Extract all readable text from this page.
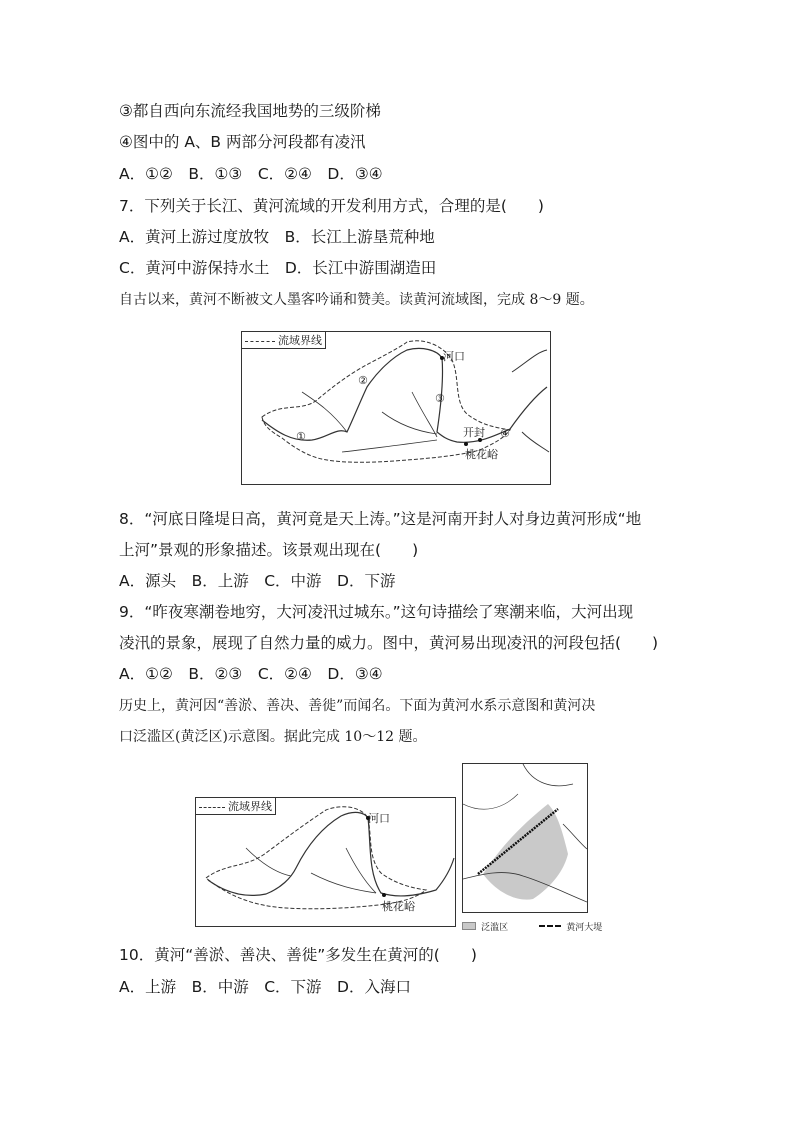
③都自西向东流经我国地势的三级阶梯
④图中的 A、B 两部分河段都有凌汛
A．①②　B．①③　C．②④　D．③④
7．下列关于长江、黄河流域的开发利用方式，合理的是(　　)
A．黄河上游过度放牧　B．长江上游垦荒种地
C．黄河中游保持水土　D．长江中游围湖造田
自古以来，黄河不断被文人墨客吟诵和赞美。读黄河流域图，完成 8～9 题。
流域界线
河口
开封
桃花峪
①
②
③
④
8．“河底日隆堤日高，黄河竟是天上涛。”这是河南开封人对身边黄河形成“地
上河”景观的形象描述。该景观出现在(　　)
A．源头　B．上游　C．中游　D．下游
9．“昨夜寒潮卷地穷，大河凌汛过城东。”这句诗描绘了寒潮来临，大河出现
凌汛的景象，展现了自然力量的威力。图中，黄河易出现凌汛的河段包括(　　)
A．①②　B．②③　C．②④　D．③④
历史上，黄河因“善淤、善决、善徙”而闻名。下面为黄河水系示意图和黄河决
口泛滥区(黄泛区)示意图。据此完成 10～12 题。
流域界线
河口
桃花峪
泛滥区	黄河大堤
10．黄河“善淤、善决、善徙”多发生在黄河的(　　)
A．上游　B．中游　C．下游　D．入海口
